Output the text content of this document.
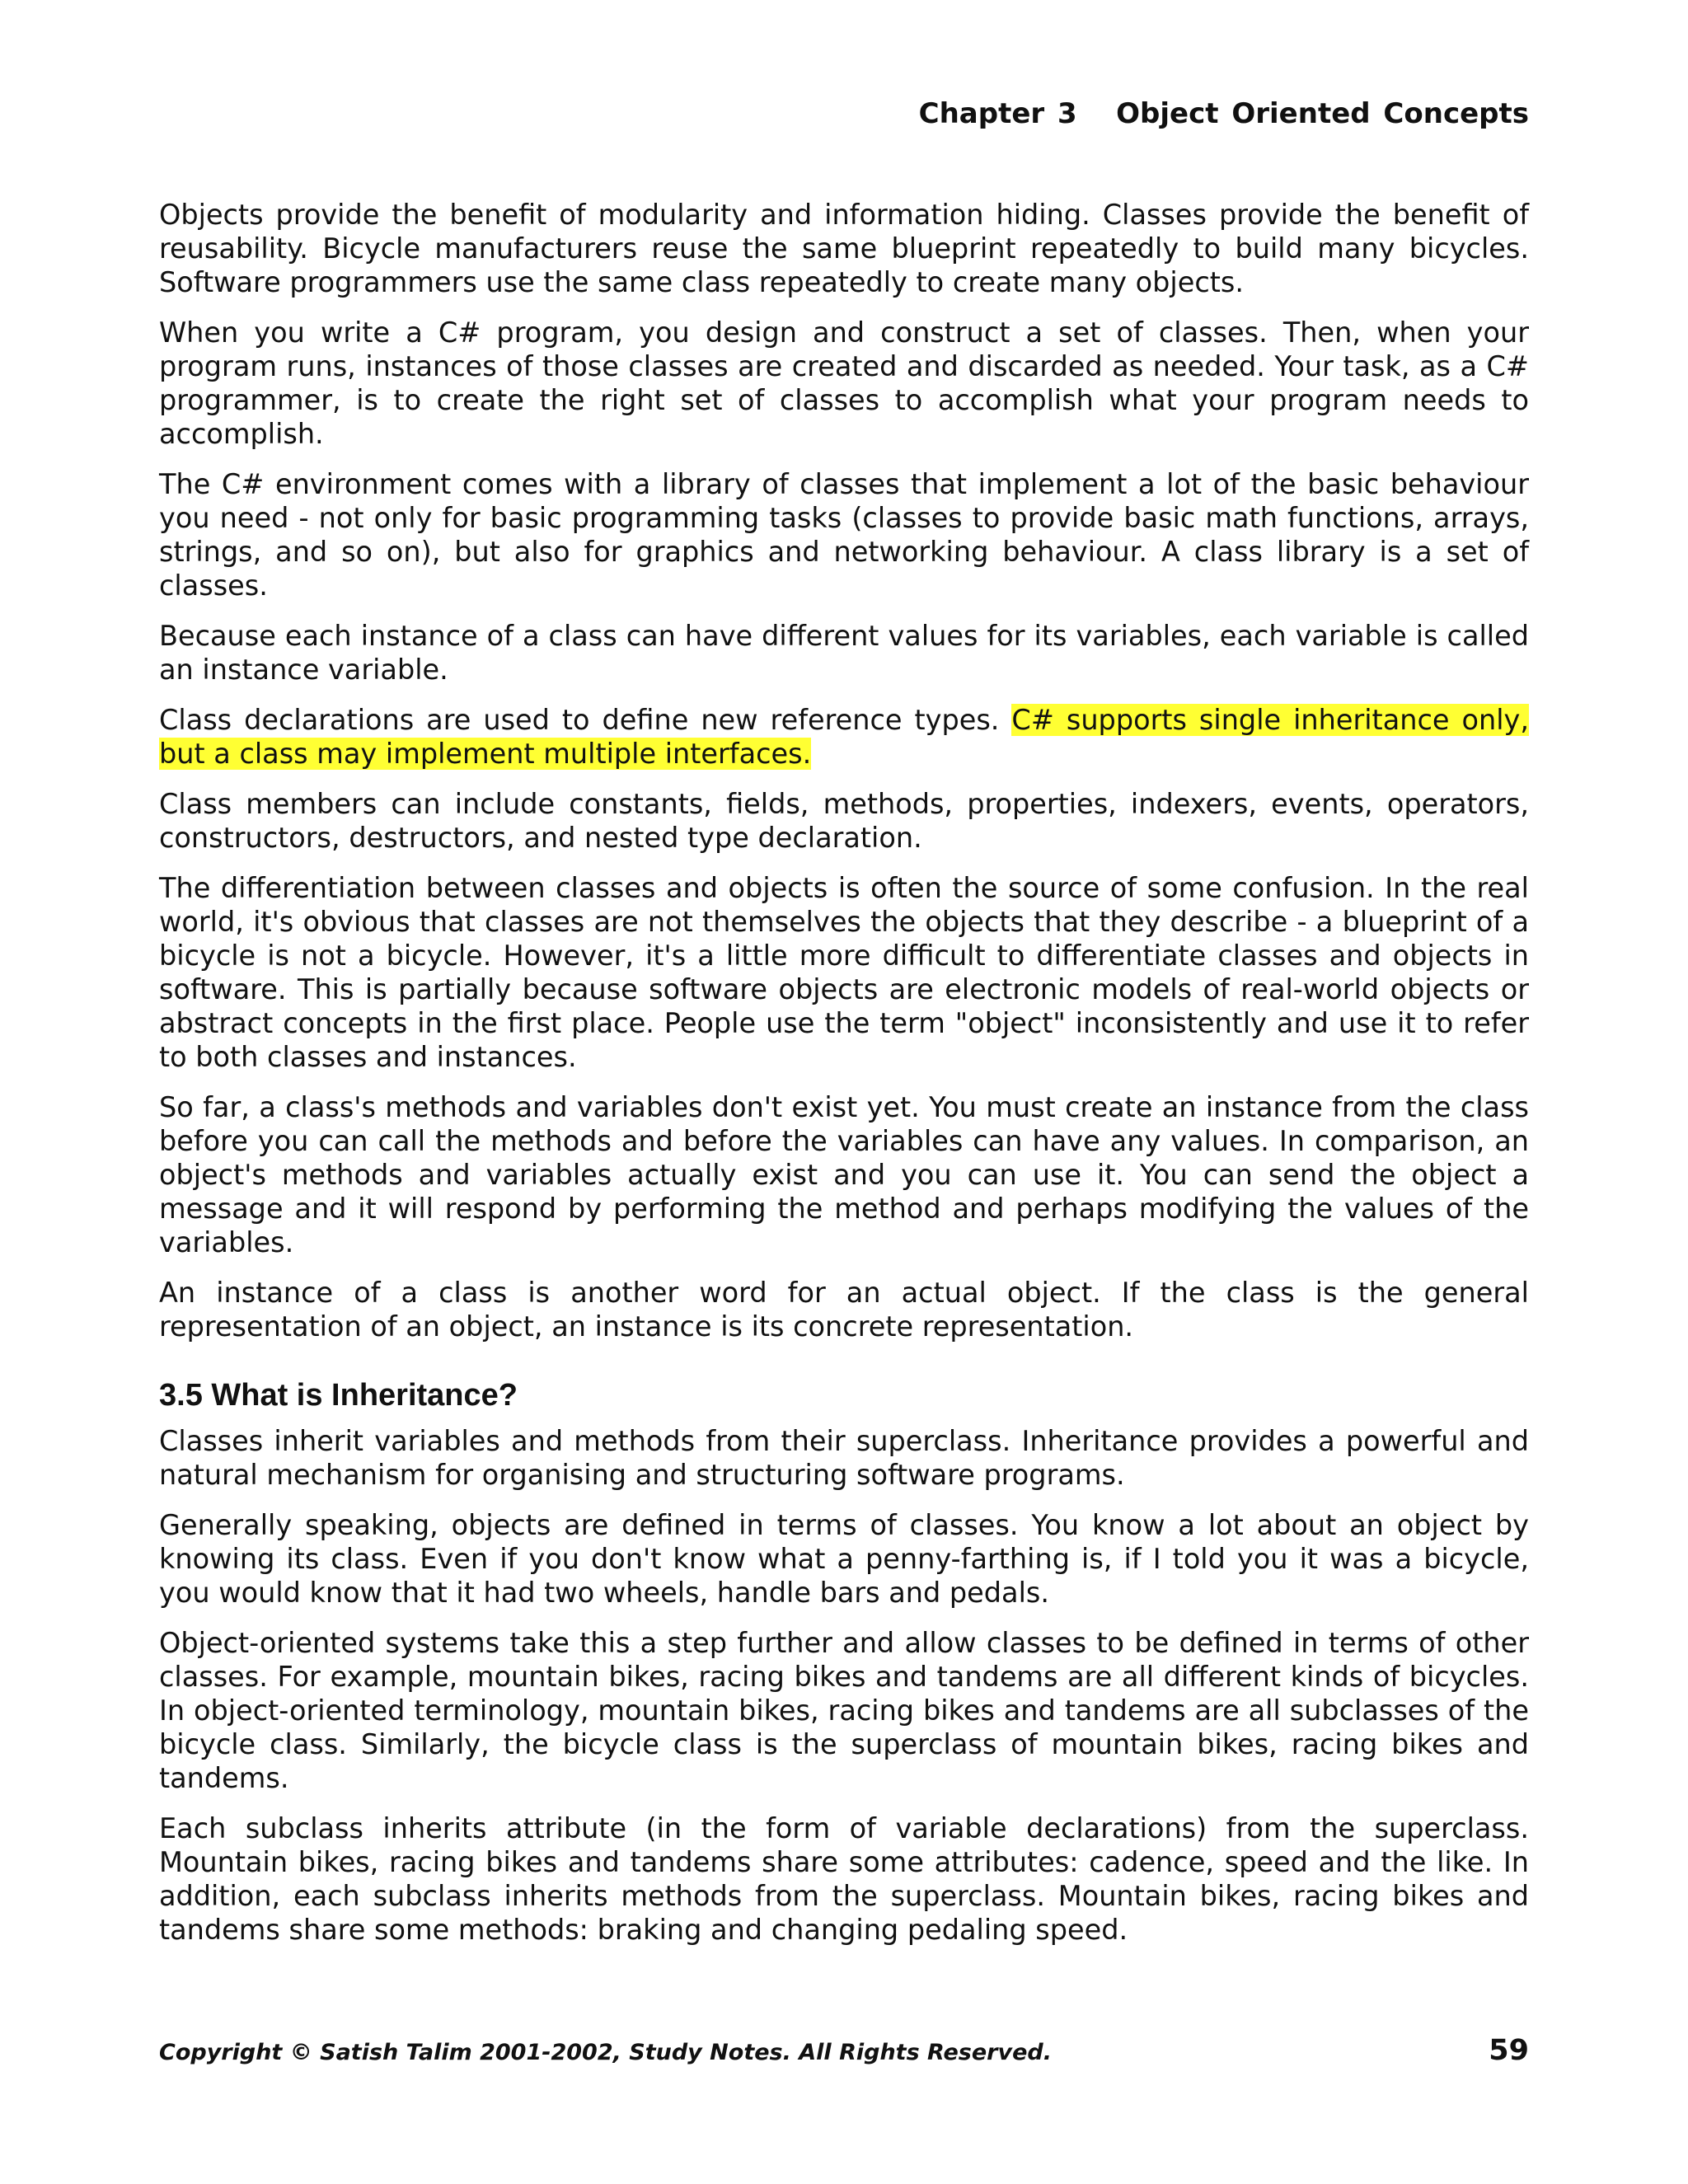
Chapter 3 Object Oriented Concepts

Objects provide the benefit of modularity and information hiding. Classes provide the benefit of reusability. Bicycle manufacturers reuse the same blueprint repeatedly to build many bicycles. Software programmers use the same class repeatedly to create many objects.

When you write a C# program, you design and construct a set of classes. Then, when your program runs, instances of those classes are created and discarded as needed. Your task, as a C# programmer, is to create the right set of classes to accomplish what your program needs to accomplish.

The C# environment comes with a library of classes that implement a lot of the basic behaviour you need - not only for basic programming tasks (classes to provide basic math functions, arrays, strings, and so on), but also for graphics and networking behaviour. A class library is a set of classes.

Because each instance of a class can have different values for its variables, each variable is called an instance variable.

Class declarations are used to define new reference types. C# supports single inheritance only, but a class may implement multiple interfaces.

Class members can include constants, fields, methods, properties, indexers, events, operators, constructors, destructors, and nested type declaration.

The differentiation between classes and objects is often the source of some confusion. In the real world, it's obvious that classes are not themselves the objects that they describe - a blueprint of a bicycle is not a bicycle. However, it's a little more difficult to differentiate classes and objects in software. This is partially because software objects are electronic models of real-world objects or abstract concepts in the first place. People use the term "object" inconsistently and use it to refer to both classes and instances.

So far, a class's methods and variables don't exist yet. You must create an instance from the class before you can call the methods and before the variables can have any values. In comparison, an object's methods and variables actually exist and you can use it. You can send the object a message and it will respond by performing the method and perhaps modifying the values of the variables.

An instance of a class is another word for an actual object. If the class is the general representation of an object, an instance is its concrete representation.

3.5 What is Inheritance?

Classes inherit variables and methods from their superclass. Inheritance provides a powerful and natural mechanism for organising and structuring software programs.

Generally speaking, objects are defined in terms of classes. You know a lot about an object by knowing its class. Even if you don't know what a penny-farthing is, if I told you it was a bicycle, you would know that it had two wheels, handle bars and pedals.

Object-oriented systems take this a step further and allow classes to be defined in terms of other classes. For example, mountain bikes, racing bikes and tandems are all different kinds of bicycles. In object-oriented terminology, mountain bikes, racing bikes and tandems are all subclasses of the bicycle class. Similarly, the bicycle class is the superclass of mountain bikes, racing bikes and tandems.

Each subclass inherits attribute (in the form of variable declarations) from the superclass. Mountain bikes, racing bikes and tandems share some attributes: cadence, speed and the like. In addition, each subclass inherits methods from the superclass. Mountain bikes, racing bikes and tandems share some methods: braking and changing pedaling speed.

Copyright © Satish Talim 2001-2002, Study Notes. All Rights Reserved.	59
